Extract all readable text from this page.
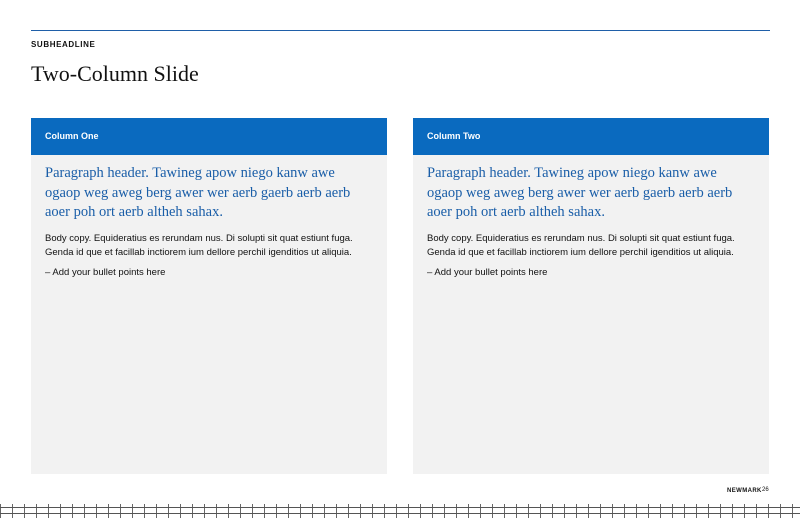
SUBHEADLINE
Two-Column Slide
Column One

Paragraph header. Tawineg apow niego kanw awe ogaop weg aweg berg awer wer aerb gaerb aerb aerb aoer poh ort aerb altheh sahax.

Body copy. Equideratius es rerundam nus. Di solupti sit quat estiunt fuga. Genda id que et facillab inctiorem ium dellore perchil igenditios ut aliquia.

– Add your bullet points here

Column Two

Paragraph header. Tawineg apow niego kanw awe ogaop weg aweg berg awer wer aerb gaerb aerb aerb aoer poh ort aerb altheh sahax.

Body copy. Equideratius es rerundam nus. Di solupti sit quat estiunt fuga. Genda id que et facillab inctiorem ium dellore perchil igenditios ut aliquia.

– Add your bullet points here

NEWMARK 26
